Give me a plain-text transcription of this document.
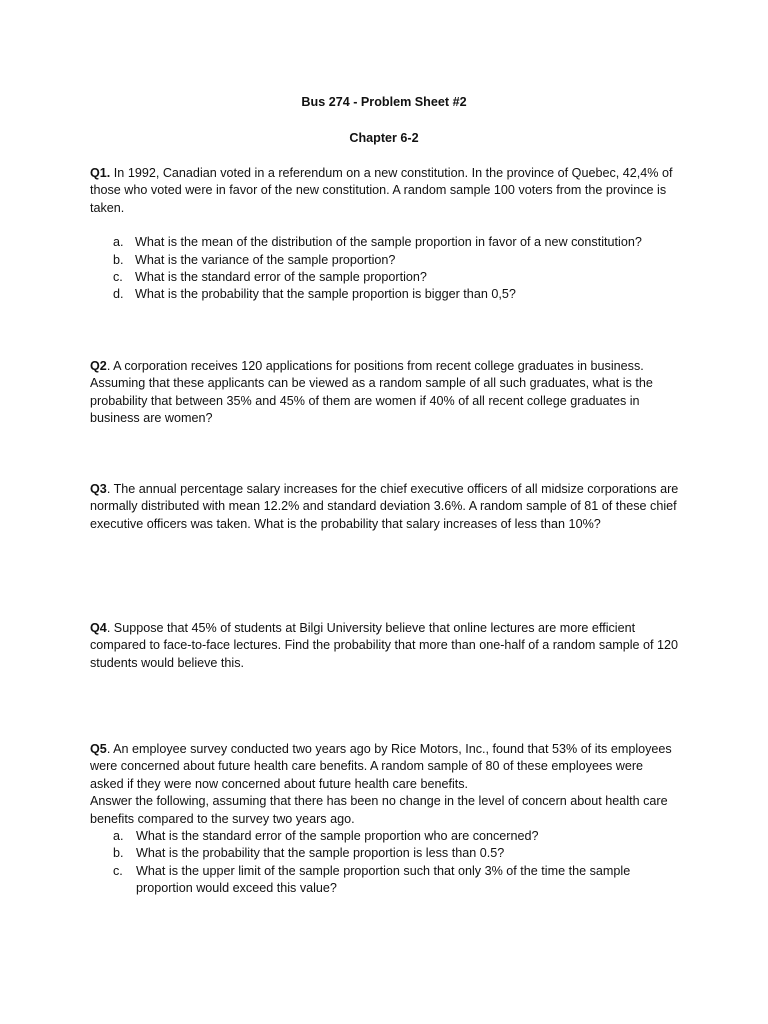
Bus 274 - Problem Sheet #2
Chapter 6-2

Q1. In 1992, Canadian voted in a referendum on a new constitution. In the province of Quebec, 42,4% of those who voted were in favor of the new constitution. A random sample 100 voters from the province is taken.

a. What is the mean of the distribution of the sample proportion in favor of a new constitution?
b. What is the variance of the sample proportion?
c. What is the standard error of the sample proportion?
d. What is the probability that the sample proportion is bigger than 0,5?

Q2. A corporation receives 120 applications for positions from recent college graduates in business. Assuming that these applicants can be viewed as a random sample of all such graduates, what is the probability that between 35% and 45% of them are women if 40% of all recent college graduates in business are women?

Q3. The annual percentage salary increases for the chief executive officers of all midsize corporations are normally distributed with mean 12.2% and standard deviation 3.6%. A random sample of 81 of these chief executive officers was taken. What is the probability that salary increases of less than 10%?

Q4. Suppose that 45% of students at Bilgi University believe that online lectures are more efficient compared to face-to-face lectures. Find the probability that more than one-half of a random sample of 120 students would believe this.

Q5. An employee survey conducted two years ago by Rice Motors, Inc., found that 53% of its employees were concerned about future health care benefits. A random sample of 80 of these employees were asked if they were now concerned about future health care benefits.

Answer the following, assuming that there has been no change in the level of concern about health care benefits compared to the survey two years ago.

a. What is the standard error of the sample proportion who are concerned?
b. What is the probability that the sample proportion is less than 0.5?
c. What is the upper limit of the sample proportion such that only 3% of the time the sample proportion would exceed this value?
